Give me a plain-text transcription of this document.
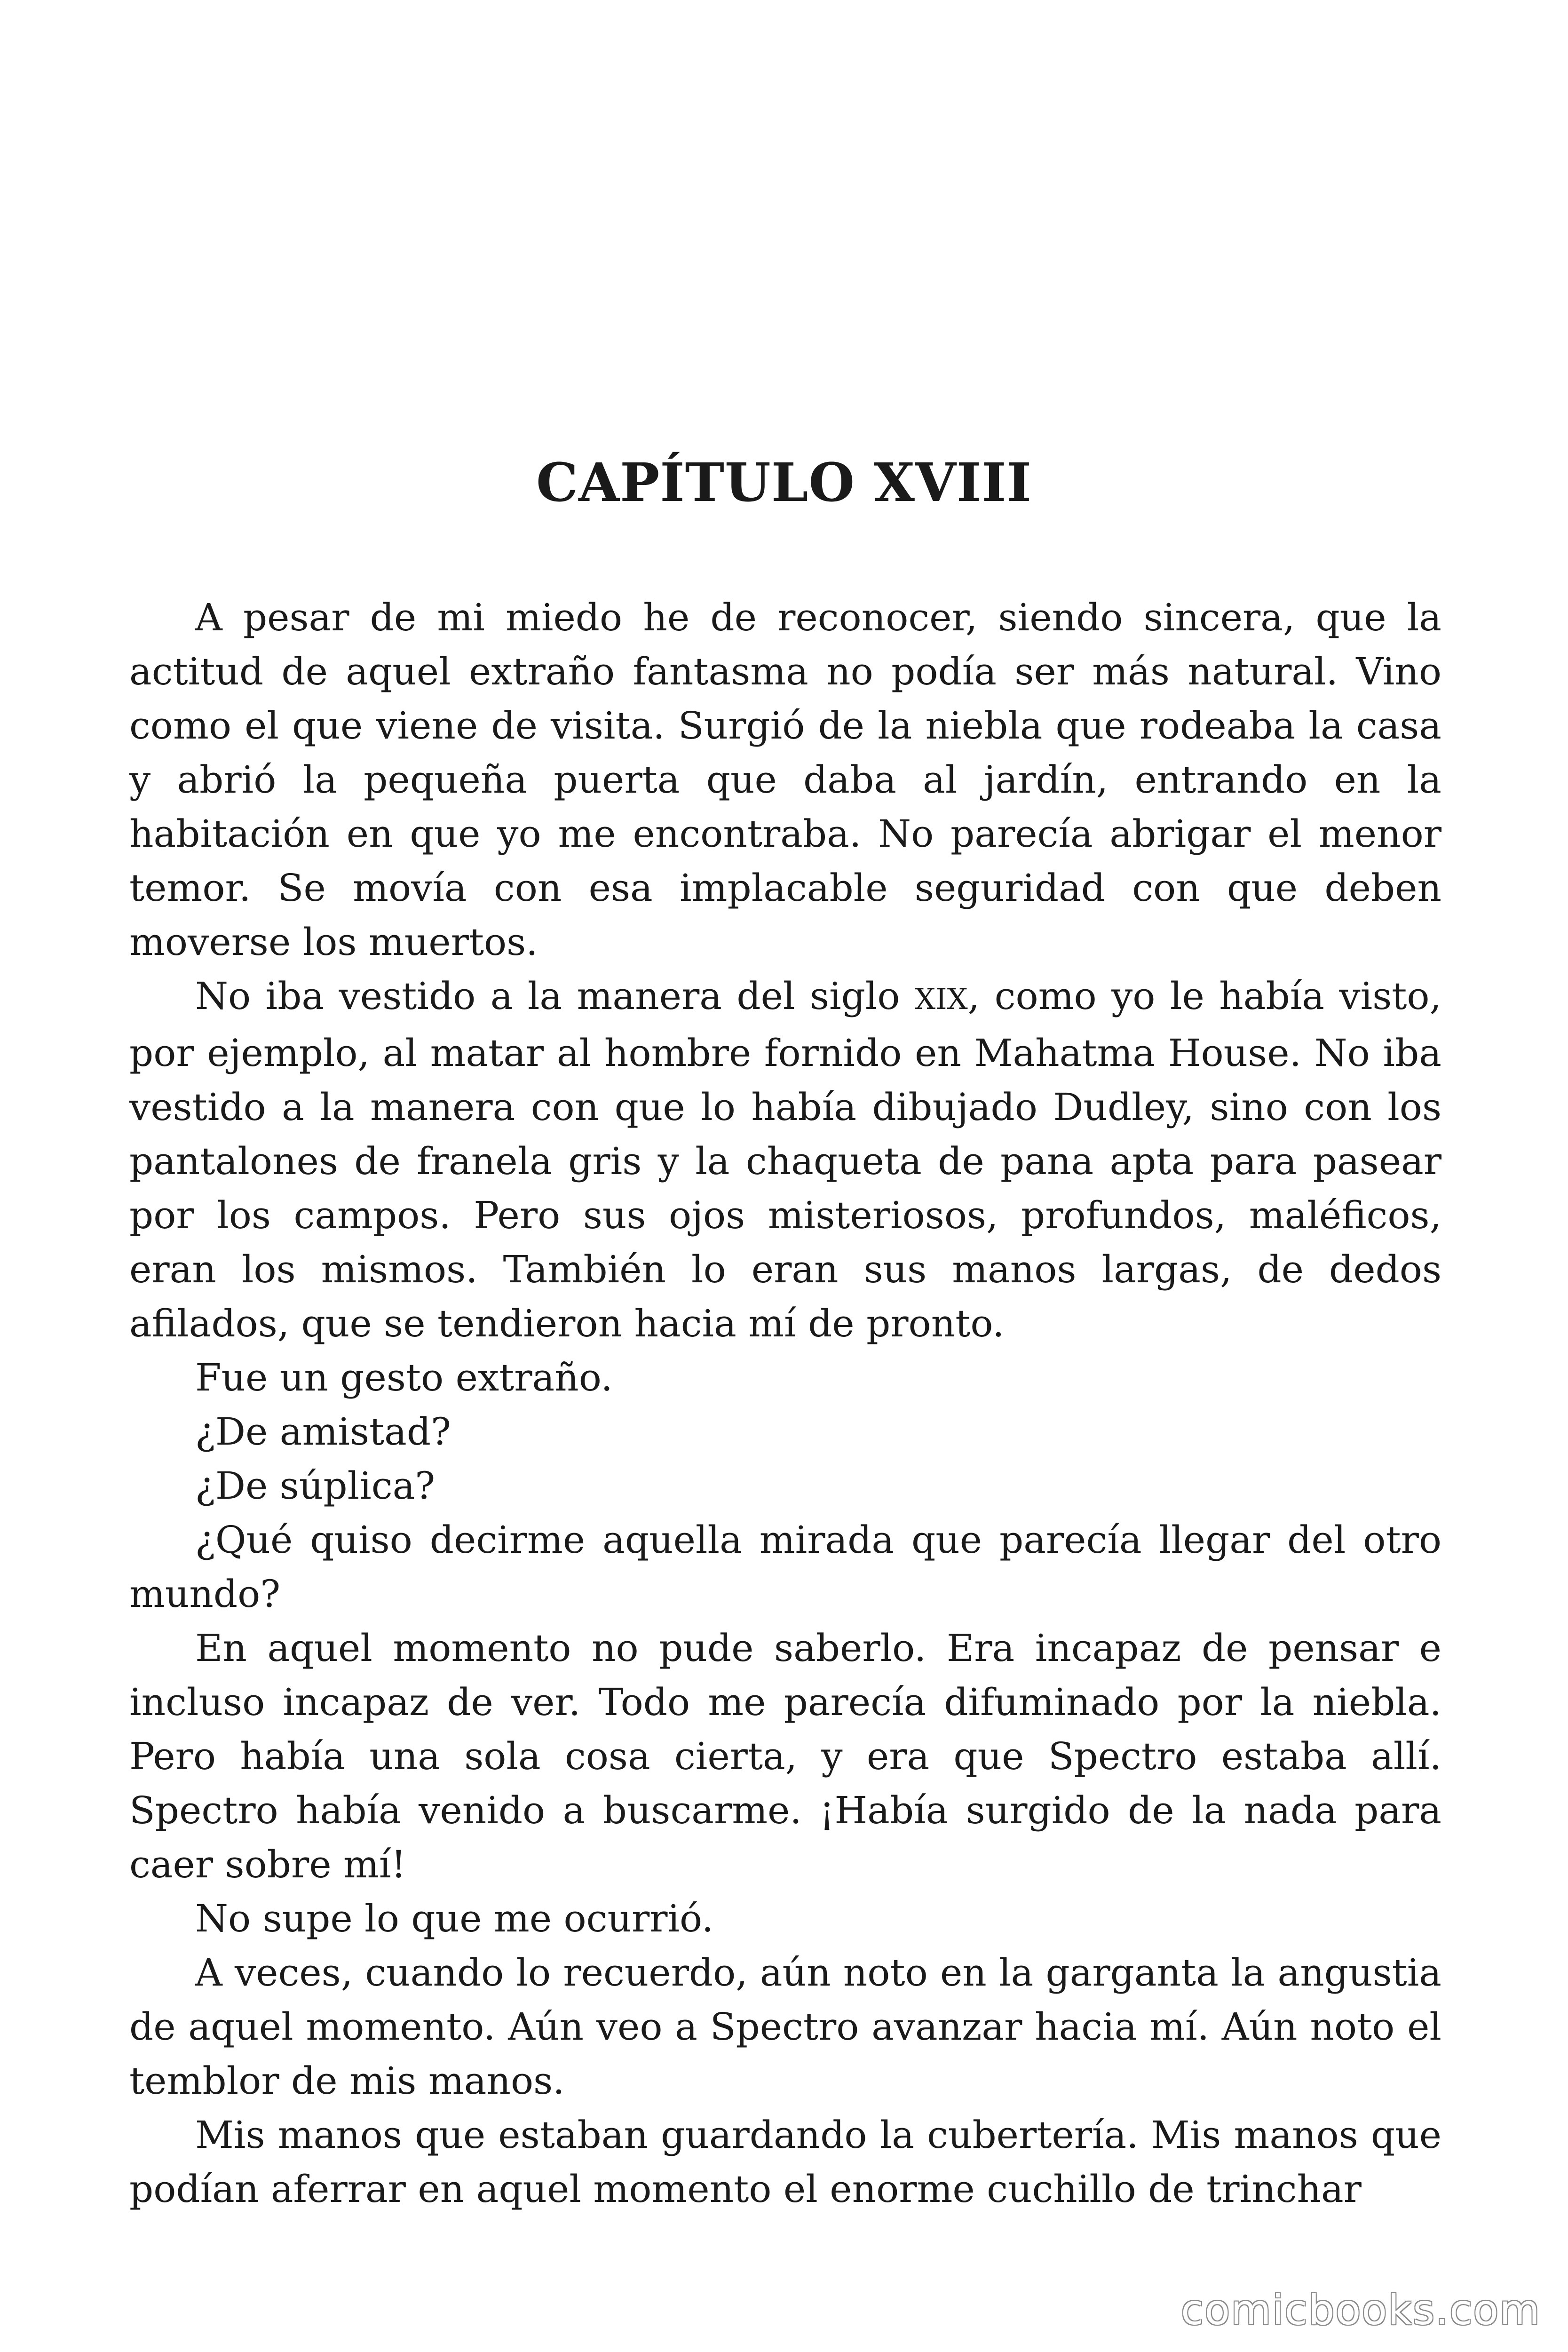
CAPÍTULO XVIII

A pesar de mi miedo he de reconocer, siendo sincera, que la actitud de aquel extraño fantasma no podía ser más natural. Vino como el que viene de visita. Surgió de la niebla que rodeaba la casa y abrió la pequeña puerta que daba al jardín, entrando en la habitación en que yo me encontraba. No parecía abrigar el menor temor. Se movía con esa implacable seguridad con que deben moverse los muertos.

No iba vestido a la manera del siglo XIX, como yo le había visto, por ejemplo, al matar al hombre fornido en Mahatma House. No iba vestido a la manera con que lo había dibujado Dudley, sino con los pantalones de franela gris y la chaqueta de pana apta para pasear por los campos. Pero sus ojos misteriosos, profundos, maléficos, eran los mismos. También lo eran sus manos largas, de dedos afilados, que se tendieron hacia mí de pronto.

Fue un gesto extraño.

¿De amistad?

¿De súplica?

¿Qué quiso decirme aquella mirada que parecía llegar del otro mundo?

En aquel momento no pude saberlo. Era incapaz de pensar e incluso incapaz de ver. Todo me parecía difuminado por la niebla. Pero había una sola cosa cierta, y era que Spectro estaba allí. Spectro había venido a buscarme. ¡Había surgido de la nada para caer sobre mí!

No supe lo que me ocurrió.

A veces, cuando lo recuerdo, aún noto en la garganta la angustia de aquel momento. Aún veo a Spectro avanzar hacia mí. Aún noto el temblor de mis manos.

Mis manos que estaban guardando la cubertería. Mis manos que podían aferrar en aquel momento el enorme cuchillo de trinchar

comicbooks.com
